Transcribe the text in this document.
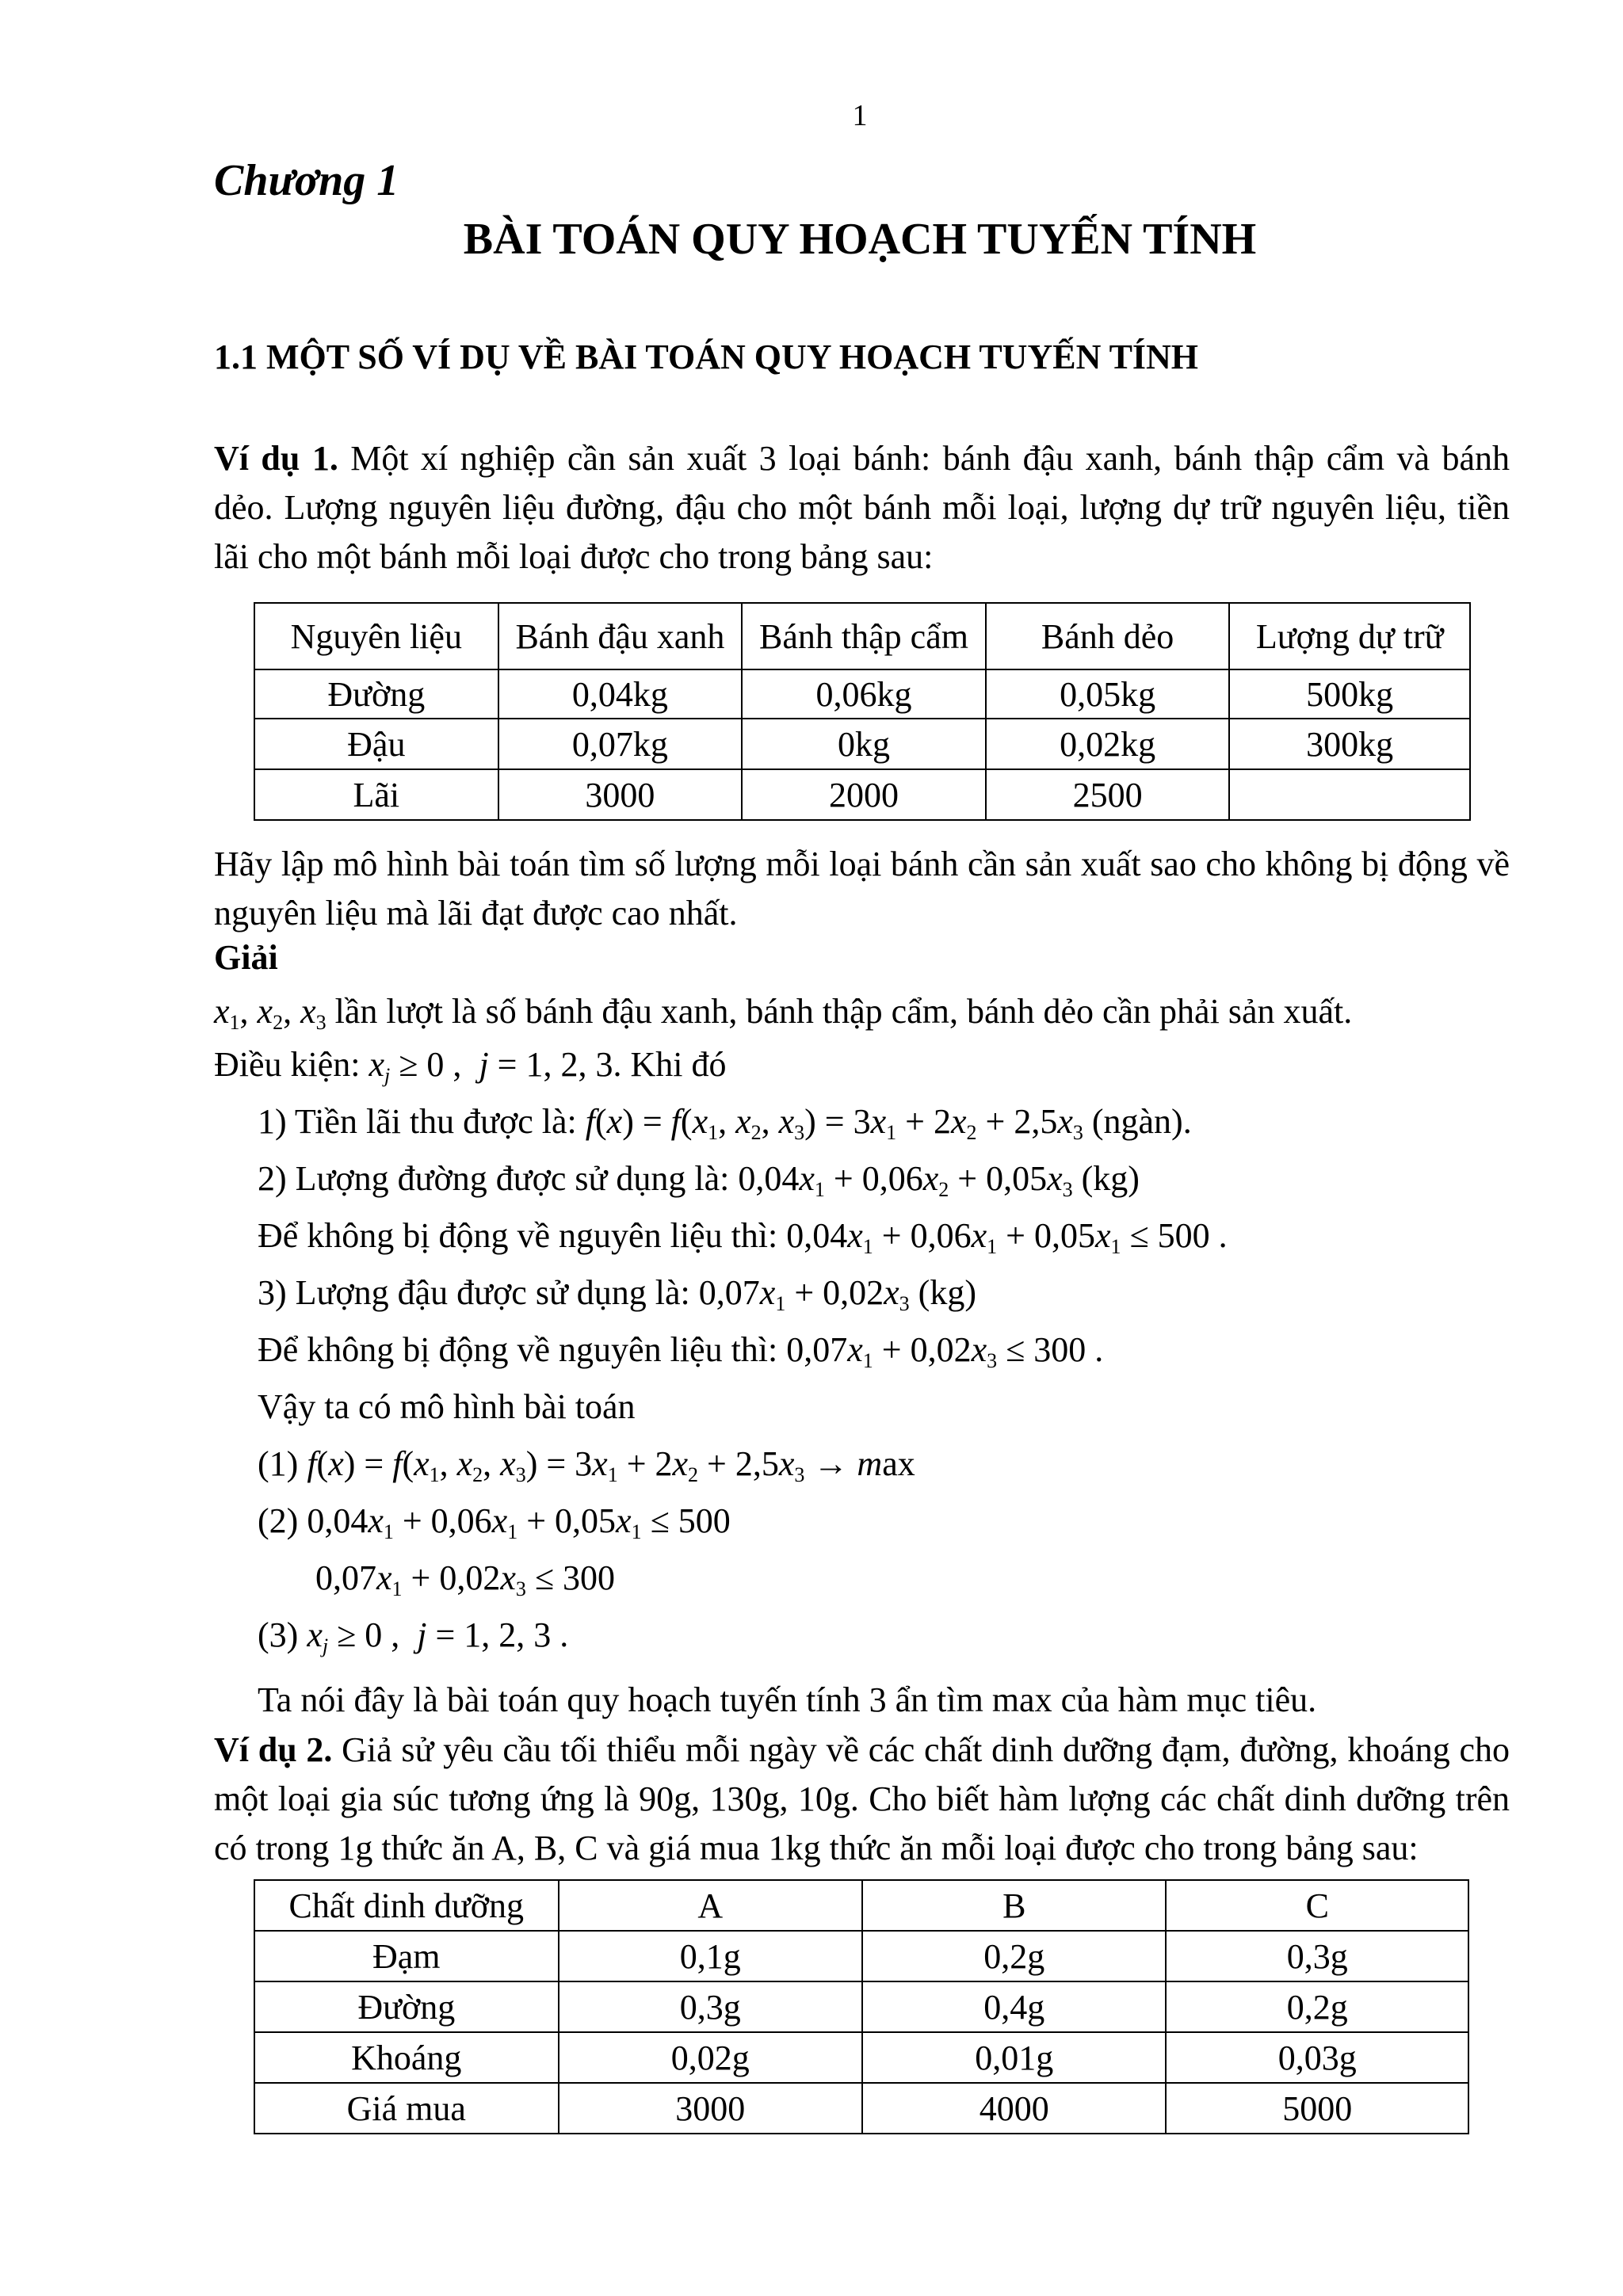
1
Chương 1
BÀI TOÁN QUY HOẠCH TUYẾN TÍNH
1.1 MỘT SỐ VÍ DỤ VỀ BÀI TOÁN QUY HOẠCH TUYẾN TÍNH
Ví dụ 1. Một xí nghiệp cần sản xuất 3 loại bánh: bánh đậu xanh, bánh thập cẩm và bánh dẻo. Lượng nguyên liệu đường, đậu cho một bánh mỗi loại, lượng dự trữ nguyên liệu, tiền lãi cho một bánh mỗi loại được cho trong bảng sau:
Nguyên liệu	Bánh đậu xanh	Bánh thập cẩm	Bánh dẻo	Lượng dự trữ
Đường	0,04kg	0,06kg	0,05kg	500kg
Đậu	0,07kg	0kg	0,02kg	300kg
Lãi	3000	2000	2500	
Hãy lập mô hình bài toán tìm số lượng mỗi loại bánh cần sản xuất sao cho không bị động về nguyên liệu mà lãi đạt được cao nhất.
Giải
$x_1$, $x_2$, $x_3$ lần lượt là số bánh đậu xanh, bánh thập cẩm, bánh dẻo cần phải sản xuất.
Điều kiện: $x_j \ge 0$ ,  j = 1, 2, 3. Khi đó
1) Tiền lãi thu được là: $f(x) = f(x_1$, $x_2$, $x_3) = 3x_1 + 2x_2 + 2,5x_3$ (ngàn).
2) Lượng đường được sử dụng là: $0,04x_1 + 0,06x_2 + 0,05x_3$ (kg)
Để không bị động về nguyên liệu thì: $0,04x_1 + 0,06x_1 + 0,05x_1 \le 500$ .
3) Lượng đậu được sử dụng là: $0,07x_1 + 0,02x_3$ (kg)
Để không bị động về nguyên liệu thì: $0,07x_1 + 0,02x_3 \le 300$ .
Vậy ta có mô hình bài toán
(1) $f(x) = f(x_1$, $x_2$, $x_3) = 3x_1 + 2x_2 + 2,5x_3 \to \max$
(2) $0,04x_1 + 0,06x_1 + 0,05x_1 \le 500$
$0,07x_1 + 0,02x_3 \le 300$
(3) $x_j \ge 0$ ,  j = 1, 2, 3 .
Ta nói đây là bài toán quy hoạch tuyến tính 3 ẩn tìm max của hàm mục tiêu.
Ví dụ 2. Giả sử yêu cầu tối thiểu mỗi ngày về các chất dinh dưỡng đạm, đường, khoáng cho một loại gia súc tương ứng là 90g, 130g, 10g. Cho biết hàm lượng các chất dinh dưỡng trên có trong 1g thức ăn A, B, C và giá mua 1kg thức ăn mỗi loại được cho trong bảng sau:
Chất dinh dưỡng	A	B	C
Đạm	0,1g	0,2g	0,3g
Đường	0,3g	0,4g	0,2g
Khoáng	0,02g	0,01g	0,03g
Giá mua	3000	4000	5000
